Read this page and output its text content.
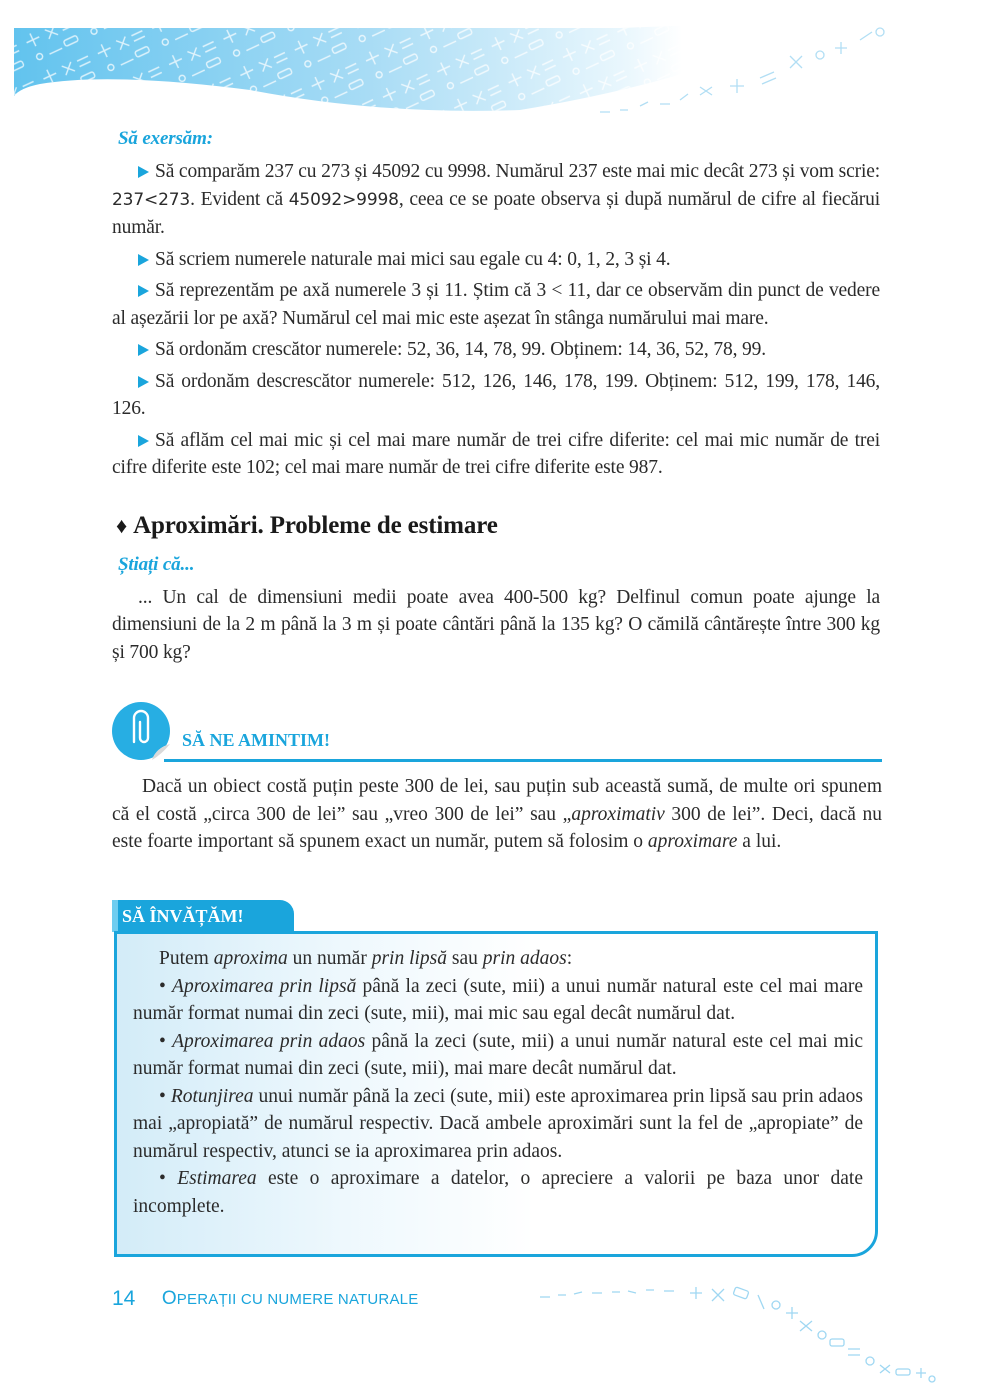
Să exersăm:

Să comparăm 237 cu 273 și 45092 cu 9998. Numărul 237 este mai mic decât 273 și vom scrie: 237<273. Evident că 45092>9998, ceea ce se poate observa și după numărul de cifre al fiecărui număr.

Să scriem numerele naturale mai mici sau egale cu 4: 0, 1, 2, 3 și 4.

Să reprezentăm pe axă numerele 3 și 11. Știm că 3 < 11, dar ce observăm din punct de vedere al așezării lor pe axă? Numărul cel mai mic este așezat în stânga numărului mai mare.

Să ordonăm crescător numerele: 52, 36, 14, 78, 99. Obținem: 14, 36, 52, 78, 99.

Să ordonăm descrescător numerele: 512, 126, 146, 178, 199. Obținem: 512, 199, 178, 146, 126.

Să aflăm cel mai mic și cel mai mare număr de trei cifre diferite: cel mai mic număr de trei cifre diferite este 102; cel mai mare număr de trei cifre diferite este 987.

♦ Aproximări. Probleme de estimare
Știați că...

... Un cal de dimensiuni medii poate avea 400-500 kg? Delfinul comun poate ajunge la dimensiuni de la 2 m până la 3 m și poate cântări până la 135 kg? O cămilă cântărește între 300 kg și 700 kg?

SĂ NE AMINTIM!

Dacă un obiect costă puțin peste 300 de lei, sau puțin sub această sumă, de multe ori spunem că el costă „circa 300 de lei” sau „vreo 300 de lei” sau „aproximativ 300 de lei”. Deci, dacă nu este foarte important să spunem exact un număr, putem să folosim o aproximare a lui.

SĂ ÎNVĂȚĂM!

Putem aproxima un număr prin lipsă sau prin adaos:

• Aproximarea prin lipsă până la zeci (sute, mii) a unui număr natural este cel mai mare număr format numai din zeci (sute, mii), mai mic sau egal decât numărul dat.

• Aproximarea prin adaos până la zeci (sute, mii) a unui număr natural este cel mai mic număr format numai din zeci (sute, mii), mai mare decât numărul dat.

• Rotunjirea unui număr până la zeci (sute, mii) este aproximarea prin lipsă sau prin adaos mai „apropiată” de numărul respectiv. Dacă ambele aproximări sunt la fel de „apropiate” de numărul respectiv, atunci se ia aproximarea prin adaos.

• Estimarea este o aproximare a datelor, o apreciere a valorii pe baza unor date incomplete.

14 OPERAȚII CU NUMERE NATURALE
